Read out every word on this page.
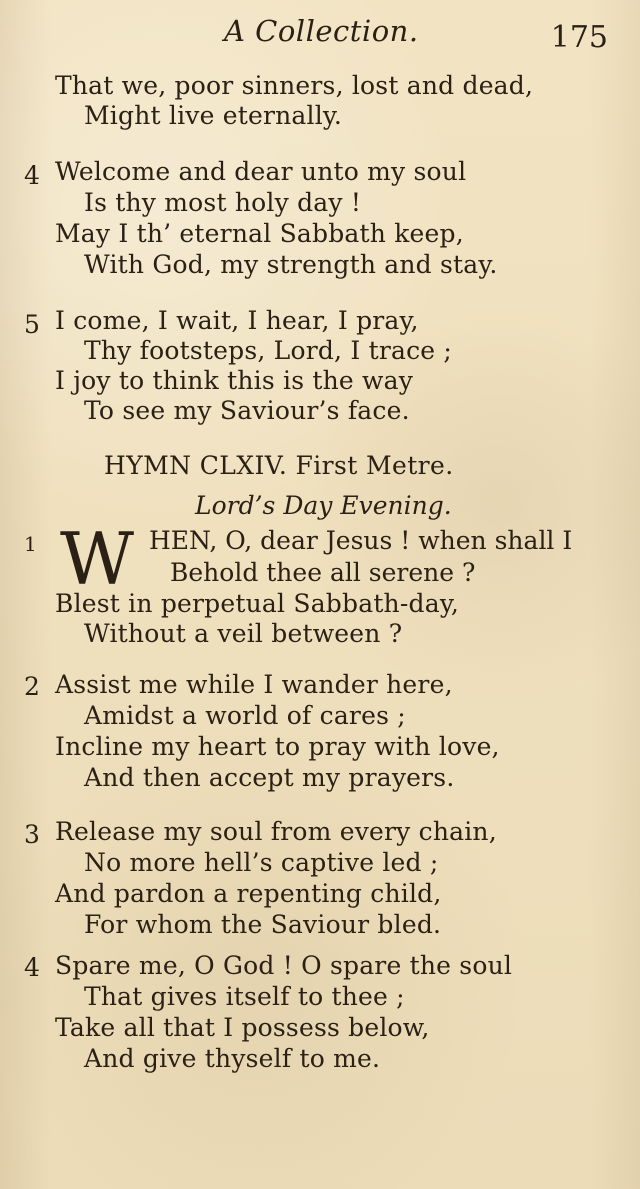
A Collection.	175
That we, poor sinners, lost and dead,
Might live eternally.
4 Welcome and dear unto my soul
Is thy most holy day !
May I th’ eternal Sabbath keep,
With God, my strength and stay.
5 I come, I wait, I hear, I pray,
Thy footsteps, Lord, I trace ;
I joy to think this is the way
To see my Saviour’s face.
HYMN CLXIV. First Metre.
Lord’s Day Evening.
1 W HEN, O, dear Jesus ! when shall I
Behold thee all serene ?
Blest in perpetual Sabbath-day,
Without a veil between ?
2 Assist me while I wander here,
Amidst a world of cares ;
Incline my heart to pray with love,
And then accept my prayers.
3 Release my soul from every chain,
No more hell’s captive led ;
And pardon a repenting child,
For whom the Saviour bled.
4 Spare me, O God ! O spare the soul
That gives itself to thee ;
Take all that I possess below,
And give thyself to me.
